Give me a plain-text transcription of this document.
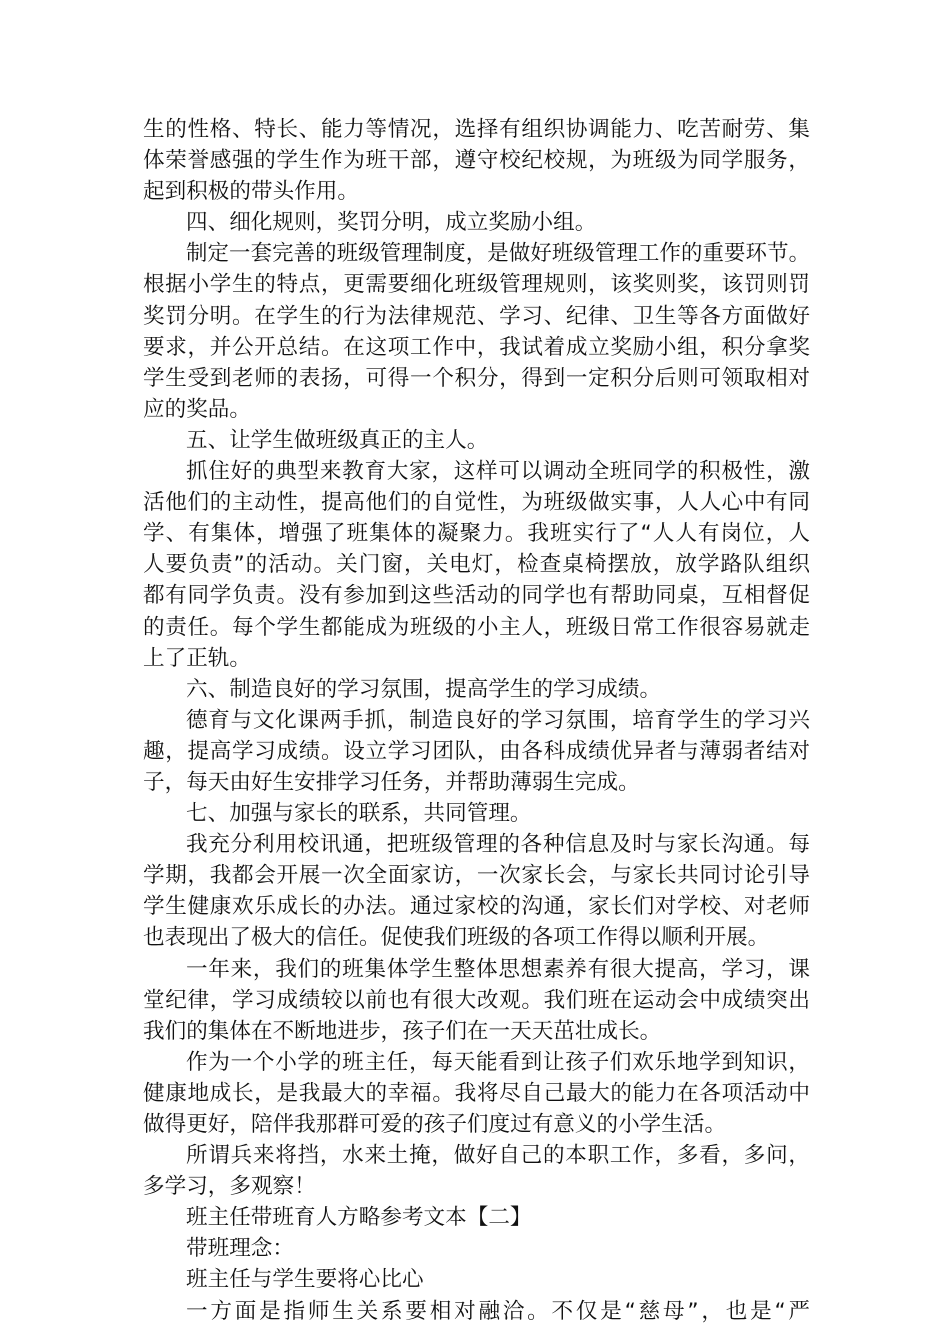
生的性格、特长、能力等情况，选择有组织协调能力、吃苦耐劳、集
体荣誉感强的学生作为班干部，遵守校纪校规，为班级为同学服务，
起到积极的带头作用。
四、细化规则，奖罚分明，成立奖励小组。
制定一套完善的班级管理制度，是做好班级管理工作的重要环节。
根据小学生的特点，更需要细化班级管理规则，该奖则奖，该罚则罚
奖罚分明。在学生的行为法律规范、学习、纪律、卫生等各方面做好
要求，并公开总结。在这项工作中，我试着成立奖励小组，积分拿奖
学生受到老师的表扬，可得一个积分，得到一定积分后则可领取相对
应的奖品。
五、让学生做班级真正的主人。
抓住好的典型来教育大家，这样可以调动全班同学的积极性，激
活他们的主动性，提高他们的自觉性，为班级做实事，人人心中有同
学、有集体，增强了班集体的凝聚力。我班实行了“人人有岗位，人
人要负责”的活动。关门窗，关电灯，检查桌椅摆放，放学路队组织
都有同学负责。没有参加到这些活动的同学也有帮助同桌，互相督促
的责任。每个学生都能成为班级的小主人，班级日常工作很容易就走
上了正轨。
六、制造良好的学习氛围，提高学生的学习成绩。
德育与文化课两手抓，制造良好的学习氛围，培育学生的学习兴
趣，提高学习成绩。设立学习团队，由各科成绩优异者与薄弱者结对
子，每天由好生安排学习任务，并帮助薄弱生完成。
七、加强与家长的联系，共同管理。
我充分利用校讯通，把班级管理的各种信息及时与家长沟通。每
学期，我都会开展一次全面家访，一次家长会，与家长共同讨论引导
学生健康欢乐成长的办法。通过家校的沟通，家长们对学校、对老师
也表现出了极大的信任。促使我们班级的各项工作得以顺利开展。
一年来，我们的班集体学生整体思想素养有很大提高，学习，课
堂纪律，学习成绩较以前也有很大改观。我们班在运动会中成绩突出
我们的集体在不断地进步，孩子们在一天天茁壮成长。
作为一个小学的班主任，每天能看到让孩子们欢乐地学到知识，
健康地成长，是我最大的幸福。我将尽自己最大的能力在各项活动中
做得更好，陪伴我那群可爱的孩子们度过有意义的小学生活。
所谓兵来将挡，水来土掩，做好自己的本职工作，多看，多问，
多学习，多观察！
班主任带班育人方略参考文本【二】
带班理念：
班主任与学生要将心比心
一方面是指师生关系要相对融洽。不仅是“慈母”，也是“严
